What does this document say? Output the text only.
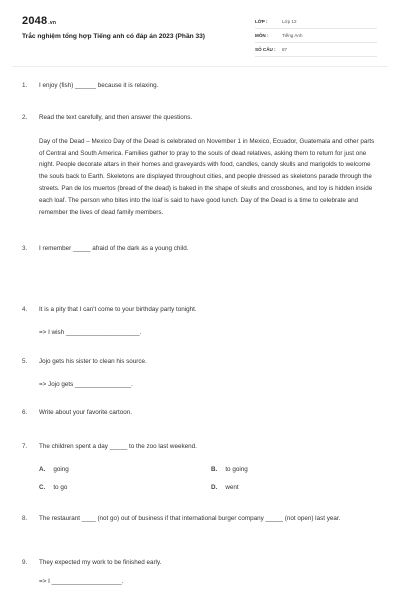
2048.vn
Trắc nghiệm tổng hợp Tiếng anh có đáp án 2023 (Phần 33)
LỚP :	Lớp 12
MÔN :	Tiếng Anh
SỐ CÂU :	87
1.	I enjoy (fish) ______ because it is relaxing.
2.	Read the text carefully, and then answer the questions.
Day of the Dead – Mexico Day of the Dead is celebrated on November 1 in Mexico, Ecuador, Guatemala and other parts of Central and South America. Families gather to pray to the souls of dead relatives, asking them to return for just one night. People decorate altars in their homes and graveyards with food, candles, candy skulls and marigolds to welcome the souls back to Earth. Skeletons are displayed throughout cities, and people dressed as skeletons parade through the streets. Pan de los muertos (bread of the dead) is baked in the shape of skulls and crossbones, and toy is hidden inside each loaf. The person who bites into the loaf is said to have good lunch. Day of the Dead is a time to celebrate and remember the lives of dead family members.
3.	I remember _____ afraid of the dark as a young child.
4.	It is a pity that I can't come to your birthday party tonight.
=> I wish _____________________.
5.	Jojo gets his sister to clean his source.
=> Jojo gets ________________.
6.	Write about your favorite cartoon.
7.	The children spent a day _____ to the zoo last weekend.
A. going	B. to going
C. to go	D. went
8.	The restaurant ____ (not go) out of business if that international burger company _____ (not open) last year.
9.	They expected my work to be finished early.
=> I ____________________.
